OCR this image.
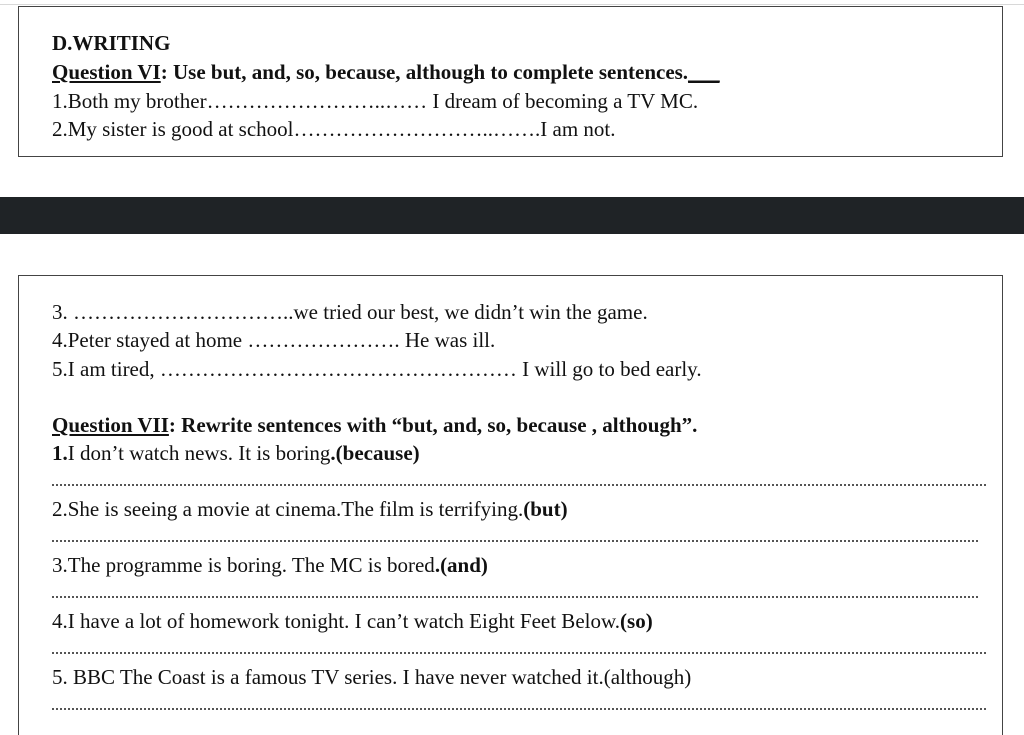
D.WRITING
Question VI: Use but, and, so, because, although to complete sentences.___
1.Both my brother……………………..…… I dream of becoming a TV MC.
2.My sister is good at school………………………..…….I am not.
3. …………………………..we tried our best, we didn’t win the game.
4.Peter stayed at home …………………. He was ill.
5.I am tired, …………………………………………… I will go to bed early.
Question VII: Rewrite sentences with “but, and, so, because , although”.
1.I don’t watch news. It is boring.(because)
2.She is seeing a movie at cinema.The film is terrifying.(but)
3.The programme is boring. The MC is bored.(and)
4.I have a lot of homework tonight. I can’t watch Eight Feet Below.(so)
5. BBC The Coast is a famous TV series. I have never watched it.(although)
